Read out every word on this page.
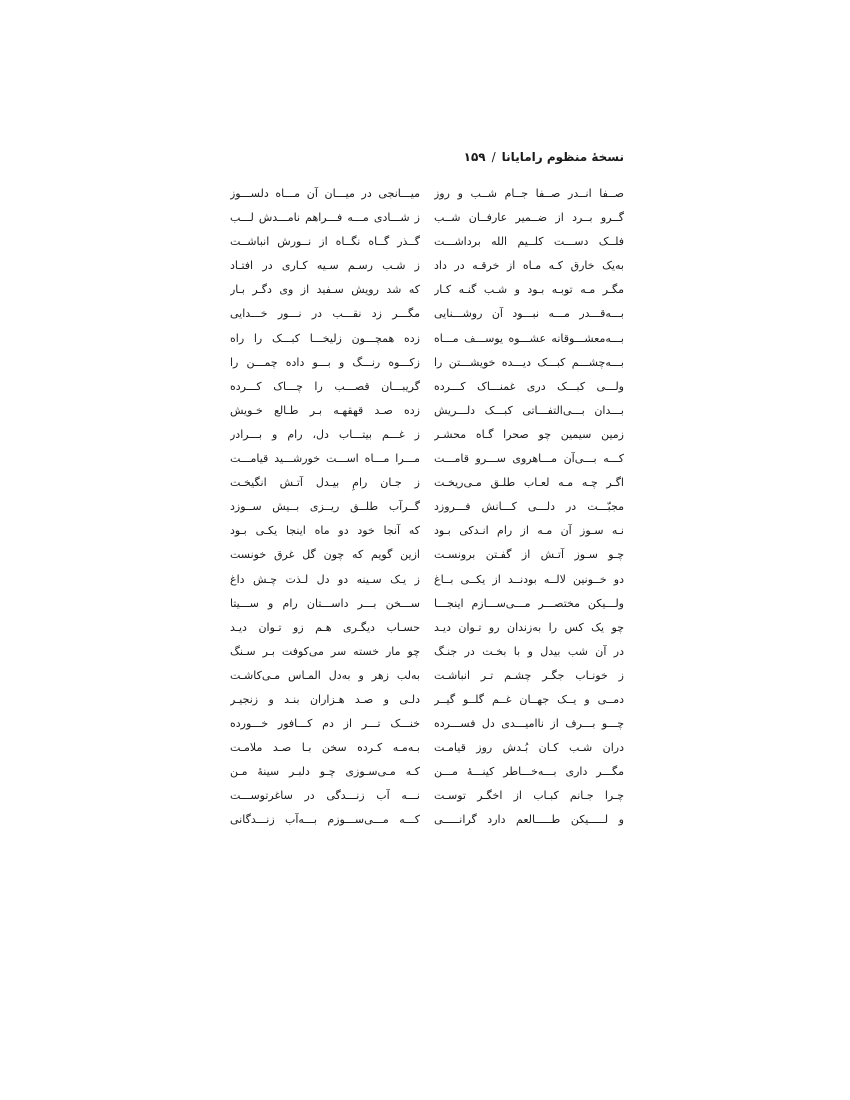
نسخهٔ منظوم رامایانا/۱۵۹
صــفا انــدر صــفا جــام شــب و روز
گــرو بــرد از ضــمیر عارفــان شــب
فلــک دســـت کلــیم الله برداشـــت
به‌یک خارق کـه مـاه از خرقـه در داد
مگـر مـه توبـه بـود و شـب گنـه کـار
بـــه‌قـــدر مـــه نبـــود آن روشـــنایی
بـــه‌معشـــوقانه عشـــوه یوســـف مـــاه
بـــه‌چشـــم کبـــک دیـــده خویشـــتن را
ولـــی کبـــک دری غمنـــاک کـــرده
بـــدان بـــی‌التفـــاتی کبـــک دلـــریش
زمین سیمین چو صحرا گـاه محشـر
کـــه بـــی‌آن مـــاهروی ســـرو قامـــت
اگـر چـه مـه لعـاب طلـق مـی‌ریخـت
مجبّـــت در دلـــی کـــانش فـــروزد
نـه سـوز آن مـه از رام انـدکی بـود
چـو سـوز آتـش از گفـتن برونسـت
دو خــونین لالــه بودنــد از یکــی بــاغ
ولـــیکن مختصـــر مـــی‌ســـازم اینجـــا
چو یک کس را به‌زندان رو تـوان دیـد
در آن شب بیدل و با بخـت در جنـگ
ز خونـاب جگـر چشـم تـر انباشـت
دمــی و یــک جهــان غــم گلــو گیــر
چـــو بـــرف از ناامیـــدی دل فســـرده
دران شـب کـان بُـدش روز قیامـت
مگـــر داری بـــه‌خـــاطر کینـــهٔ مـــن
چـرا جـانم کبـاب از اخگـر توسـت
و لـــــیکن طـــــالعم دارد گرانـــــی
میـــانجی در میـــان آن مـــاه دلســـوز
ز شـــادی مـــه فـــراهم نامـــدش لـــب
گــذر گــاه نگــاه از نــورش انباشــت
ز شـب رسـم سـیه کـاری در افتـاد
که شد رویش سـفید از وی دگـر بـار
مگـــر زد نقـــب در نـــور خـــدایی
زده همچـــون زلیخـــا کبـــک را راه
زکـــوه رنـــگ و بـــو داده چمـــن را
گریبـــان قصـــب را چـــاک کـــرده
زده صـد قهقهـه بـر طـالع خـویش
ز غـــم بیتـــاب دل، رام و بـــرادر
مـــرا مـــاه اســـت خورشـــید قیامـــت
ز جـان رامِ بیـدل آتـش انگیخـت
گــرآب طلــق ریــزی بــیش ســوزد
که آنجا خود دو ماه اینجا یکـی بـود
ازین گویم که چون گل غرق خونست
ز یـک سـینه دو دل لـذت چـش داغ
ســـخن بـــر داســـتان رام و ســـیتا
حسـاب دیگـری هـم زو تـوان دیـد
چو مار خسته سر می‌کوفت بـر سـنگ
به‌لب زهر و به‌دل المـاس مـی‌کاشـت
دلـی و صـد هـزاران بنـد و زنجیـر
خنـــک تـــر از دم کـــافور خـــورده
بـه‌مـه کـرده سخن بـا صـد ملامـت
کـه مـی‌سـوزی چـو دلبـر سینهٔ مـن
نـــه آب زنـــدگی در ساغرتوســـت
کـــه مـــی‌ســـوزم بـــه‌آب زنـــدگانی
